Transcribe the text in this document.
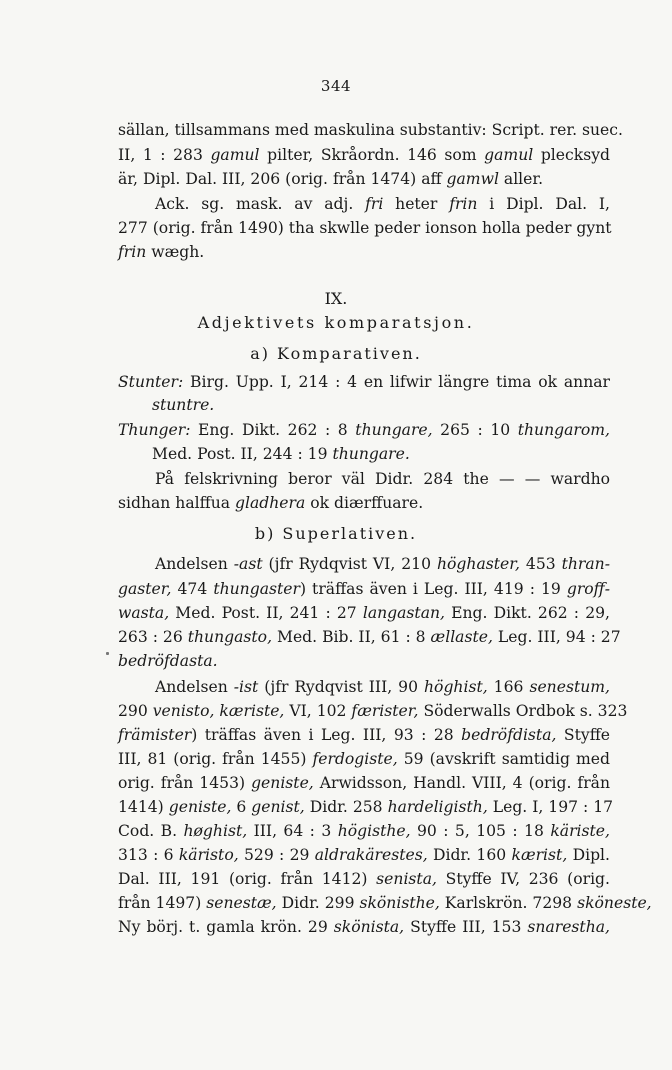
344
sällan, tillsammans med maskulina substantiv: Script. rer. suec.
II, 1 : 283 gamul pilter, Skråordn. 146 som gamul plecksyd
är, Dipl. Dal. III, 206 (orig. från 1474) aff gamwl aller.
Ack. sg. mask. av adj. fri heter frin i Dipl. Dal. I,
277 (orig. från 1490) tha skwlle peder ionson holla peder gynt
frin wægh.
IX.
Adjektivets komparatsjon.
a) Komparativen.
Stunter: Birg. Upp. I, 214 : 4 en lifwir längre tima ok annar
stuntre.
Thunger: Eng. Dikt. 262 : 8 thungare, 265 : 10 thungarom,
Med. Post. II, 244 : 19 thungare.
På felskrivning beror väl Didr. 284 the — — wardho
sidhan halffua gladhera ok diærffuare.
b) Superlativen.
Andelsen -ast (jfr Rydqvist VI, 210 höghaster, 453 thran-
gaster, 474 thungaster) träffas även i Leg. III, 419 : 19 groff-
wasta, Med. Post. II, 241 : 27 langastan, Eng. Dikt. 262 : 29,
263 : 26 thungasto, Med. Bib. II, 61 : 8 ællaste, Leg. III, 94 : 27
bedröfdasta.
Andelsen -ist (jfr Rydqvist III, 90 höghist, 166 senestum,
290 venisto, kæriste, VI, 102 færister, Söderwalls Ordbok s. 323
främister) träffas även i Leg. III, 93 : 28 bedröfdista, Styffe
III, 81 (orig. från 1455) ferdogiste, 59 (avskrift samtidig med
orig. från 1453) geniste, Arwidsson, Handl. VIII, 4 (orig. från
1414) geniste, 6 genist, Didr. 258 hardeligisth, Leg. I, 197 : 17
Cod. B. høghist, III, 64 : 3 högisthe, 90 : 5, 105 : 18 käriste,
313 : 6 käristo, 529 : 29 aldrakärestes, Didr. 160 kærist, Dipl.
Dal. III, 191 (orig. från 1412) senista, Styffe IV, 236 (orig.
från 1497) senestæ, Didr. 299 skönisthe, Karlskrön. 7298 sköneste,
Ny börj. t. gamla krön. 29 skönista, Styffe III, 153 snarestha,
